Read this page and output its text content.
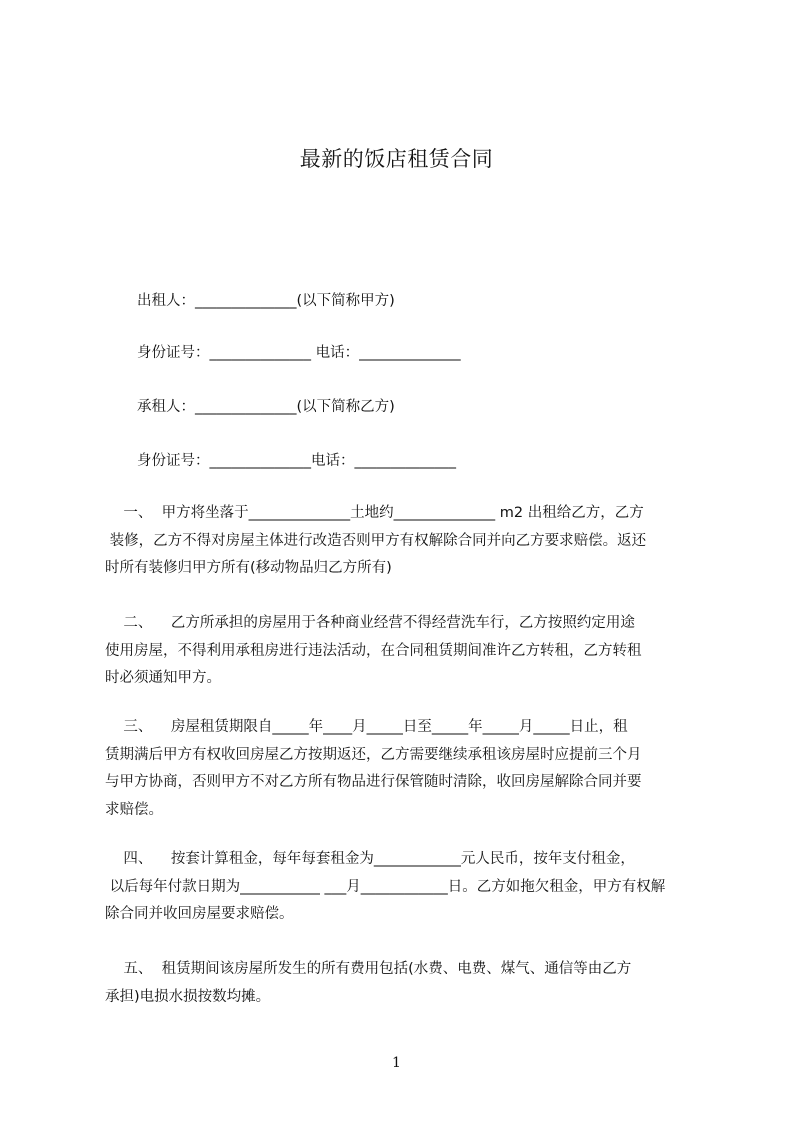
最新的饭店租赁合同
出租人：______________(以下简称甲方)
身份证号：______________ 电话：______________
承租人：______________(以下简称乙方)
身份证号：______________电话：______________
一、  甲方将坐落于______________土地约______________ m2 出租给乙方，乙方
装修，乙方不得对房屋主体进行改造否则甲方有权解除合同并向乙方要求赔偿。返还
时所有装修归甲方所有(移动物品归乙方所有)
二、    乙方所承担的房屋用于各种商业经营不得经营洗车行，乙方按照约定用途
使用房屋，不得利用承租房进行违法活动，在合同租赁期间准许乙方转租，乙方转租
时必须通知甲方。
三、    房屋租赁期限自_____年____月_____日至_____年_____月_____日止，租
赁期满后甲方有权收回房屋乙方按期返还，乙方需要继续承租该房屋时应提前三个月
与甲方协商，否则甲方不对乙方所有物品进行保管随时清除，收回房屋解除合同并要
求赔偿。
四、    按套计算租金，每年每套租金为____________元人民币，按年支付租金，
以后每年付款日期为___________ ___月____________日。乙方如拖欠租金，甲方有权解
除合同并收回房屋要求赔偿。
五、  租赁期间该房屋所发生的所有费用包括(水费、电费、煤气、通信等由乙方
承担)电损水损按数均摊。
1
